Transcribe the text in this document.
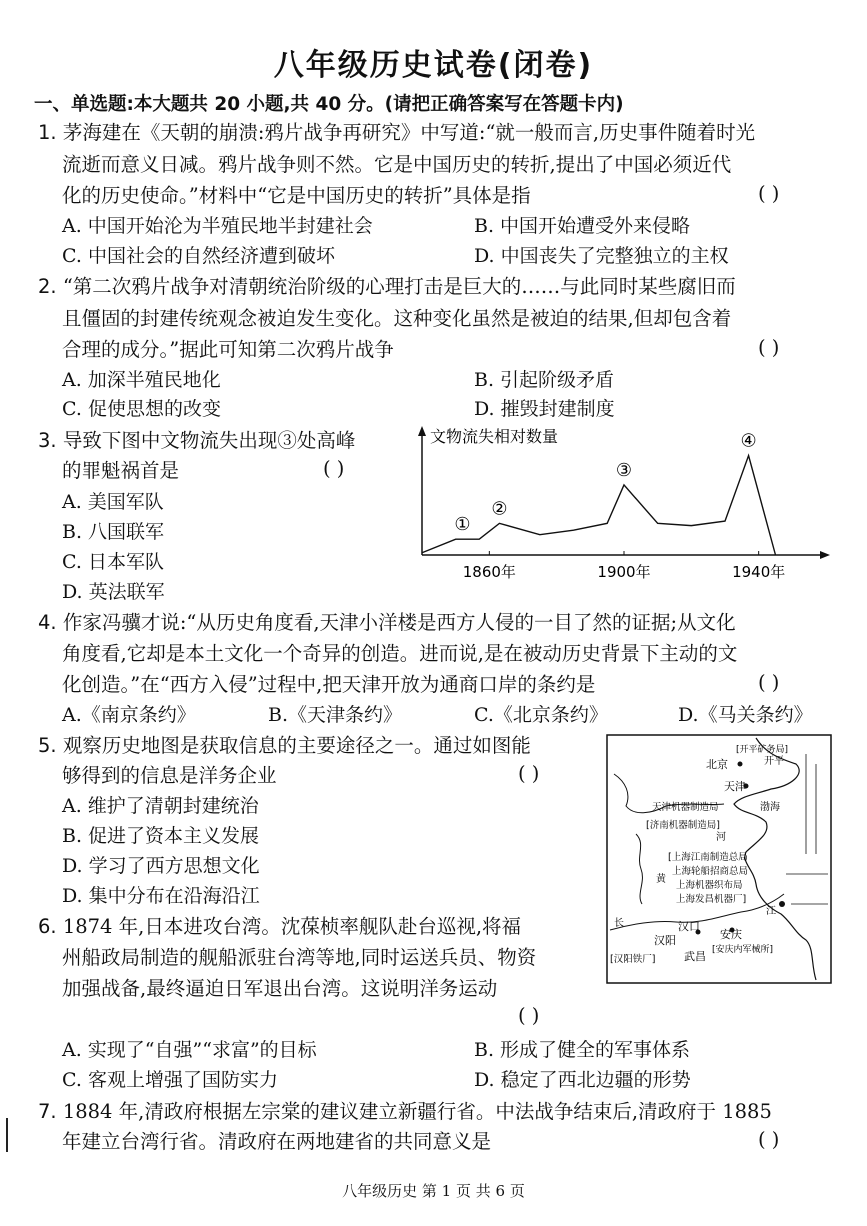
八年级历史试卷(闭卷)
一、单选题:本大题共 20 小题,共 40 分。(请把正确答案写在答题卡内)
1. 茅海建在《天朝的崩溃:鸦片战争再研究》中写道:“就一般而言,历史事件随着时光
流逝而意义日减。鸦片战争则不然。它是中国历史的转折,提出了中国必须近代
化的历史使命。”材料中“它是中国历史的转折”具体是指	( )
A. 中国开始沦为半殖民地半封建社会	B. 中国开始遭受外来侵略
C. 中国社会的自然经济遭到破坏	D. 中国丧失了完整独立的主权
2. “第二次鸦片战争对清朝统治阶级的心理打击是巨大的……与此同时某些腐旧而
且僵固的封建传统观念被迫发生变化。这种变化虽然是被迫的结果,但却包含着
合理的成分。”据此可知第二次鸦片战争	( )
A. 加深半殖民地化	B. 引起阶级矛盾
C. 促使思想的改变	D. 摧毁封建制度
3. 导致下图中文物流失出现③处高峰
的罪魁祸首是	( )
A. 美国军队
B. 八国联军
C. 日本军队
D. 英法联军
文物流失相对数量
1860年	1900年	1940年
①
②
③
④
4. 作家冯骥才说:“从历史角度看,天津小洋楼是西方人侵的一目了然的证据;从文化
角度看,它却是本土文化一个奇异的创造。进而说,是在被动历史背景下主动的文
化创造。”在“西方入侵”过程中,把天津开放为通商口岸的条约是	( )
A.《南京条约》	B.《天津条约》	C.《北京条约》	D.《马关条约》
5. 观察历史地图是获取信息的主要途径之一。通过如图能
够得到的信息是洋务企业	( )
A. 维护了清朝封建统治
B. 促进了资本主义发展
D. 学习了西方思想文化
D. 集中分布在沿海沿江
北京
[开平矿务局]
开平
天津
天津机器制造局	渤海
[济南机器制造局]
河
[上海江南制造总局
上海轮船招商总局
黄
上海机器织布局
上海发昌机器厂]
长
江
汉口
安庆
汉阳
[安庆内军械所]
[汉阳铁厂]	武昌
6. 1874 年,日本进攻台湾。沈葆桢率舰队赴台巡视,将福
州船政局制造的舰船派驻台湾等地,同时运送兵员、物资
加强战备,最终逼迫日军退出台湾。这说明洋务运动
( )
A. 实现了“自强”“求富”的目标	B. 形成了健全的军事体系
C. 客观上增强了国防实力	D. 稳定了西北边疆的形势
7. 1884 年,清政府根据左宗棠的建议建立新疆行省。中法战争结束后,清政府于 1885
年建立台湾行省。清政府在两地建省的共同意义是	( )
八年级历史 第 1 页 共 6 页
